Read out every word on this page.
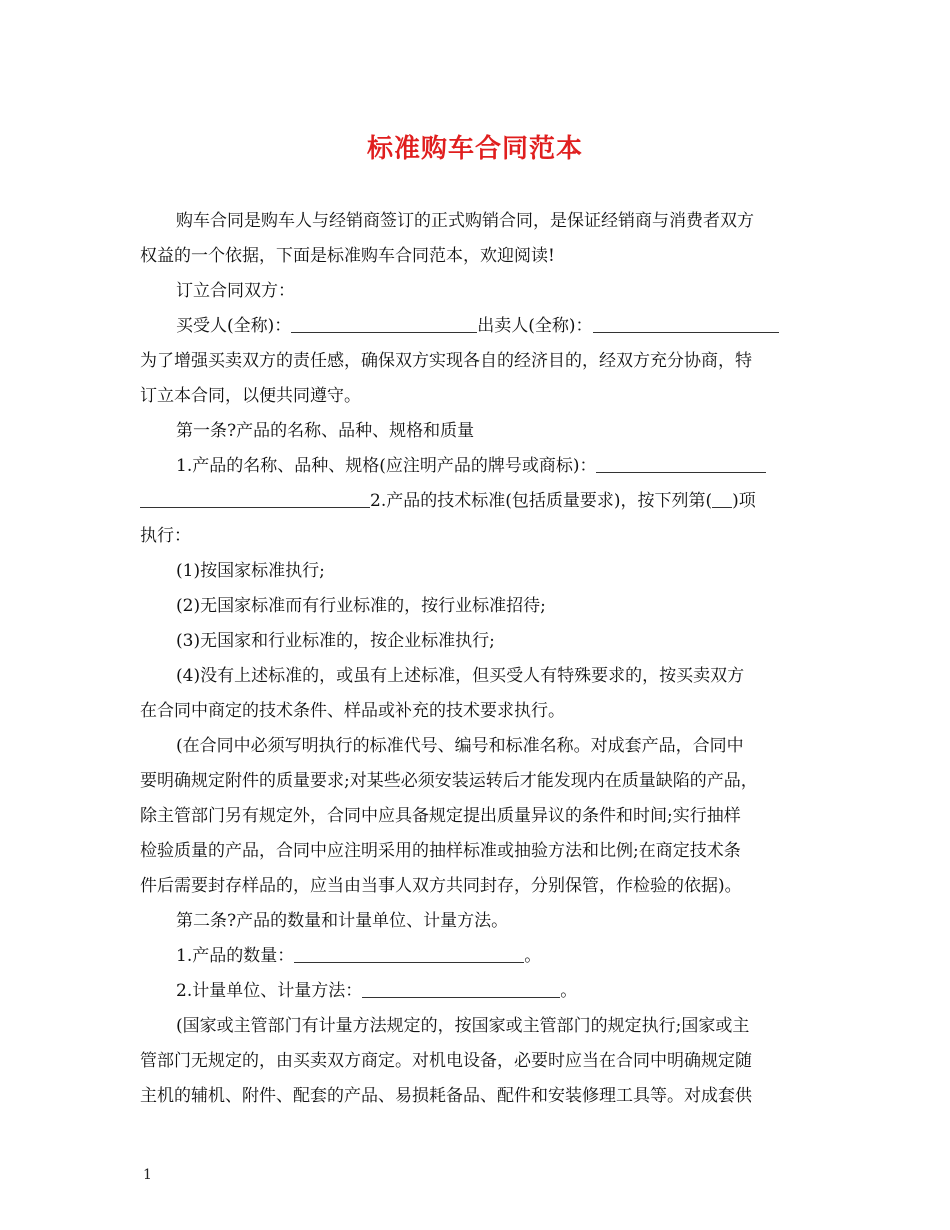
标准购车合同范本
购车合同是购车人与经销商签订的正式购销合同，是保证经销商与消费者双方
权益的一个依据，下面是标准购车合同范本，欢迎阅读!
订立合同双方：
买受人(全称)：	出卖人(全称)：
为了增强买卖双方的责任感，确保双方实现各自的经济目的，经双方充分协商，特
订立本合同，以便共同遵守。
第一条?产品的名称、品种、规格和质量
1.产品的名称、品种、规格(应注明产品的牌号或商标)：
2.产品的技术标准(包括质量要求)，按下列第( )项
执行：
(1)按国家标准执行;
(2)无国家标准而有行业标准的，按行业标准招待;
(3)无国家和行业标准的，按企业标准执行;
(4)没有上述标准的，或虽有上述标准，但买受人有特殊要求的，按买卖双方
在合同中商定的技术条件、样品或补充的技术要求执行。
(在合同中必须写明执行的标准代号、编号和标准名称。对成套产品，合同中
要明确规定附件的质量要求;对某些必须安装运转后才能发现内在质量缺陷的产品，
除主管部门另有规定外，合同中应具备规定提出质量异议的条件和时间;实行抽样
检验质量的产品，合同中应注明采用的抽样标准或抽验方法和比例;在商定技术条
件后需要封存样品的，应当由当事人双方共同封存，分别保管，作检验的依据)。
第二条?产品的数量和计量单位、计量方法。
1.产品的数量：	。
2.计量单位、计量方法：	。
(国家或主管部门有计量方法规定的，按国家或主管部门的规定执行;国家或主
管部门无规定的，由买卖双方商定。对机电设备，必要时应当在合同中明确规定随
主机的辅机、附件、配套的产品、易损耗备品、配件和安装修理工具等。对成套供
1
